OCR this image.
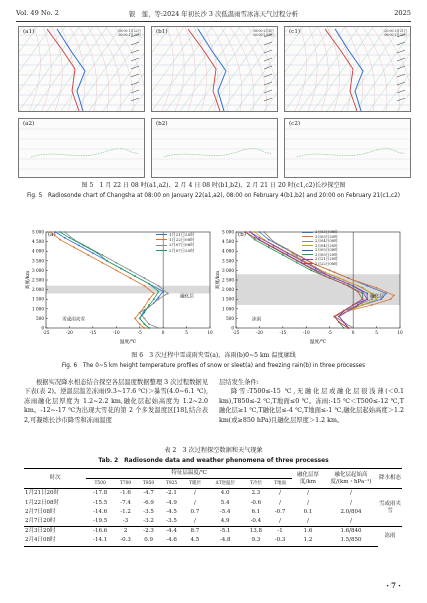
Vol. 49 No. 2	银　莲，等:2024 年初长沙 3 次低温雨雪冰冻天气过程分析	2025
(a1)	08:00 1月22日
20:00 1月22日	(b1)	08:00 2月4日
20:00 2月4日	(c1)	20:00 2月21日
08:00 2月22日
(a2)	(b2)	(c2)
图 5　1 月 22 日 08 时(a1,a2)、2 月 4 日 08 时(b1,b2)、2 月 21 日 20 时(c1,c2)长沙探空图
Fig. 5　Radiosonde chart of Changsha at 08:00 on January 22(a1,a2), 08:00 on February 4(b1,b2) and 20:00 on February 21(c1,c2)
0
500
1 000
1 500
2 000
2 500
3 000
3 500
4 000
4 500
5 000
-25	-20	-15	-10	-5	0	5	10
温度/℃
高度/km
雪或雨夹雪
融化层
(a)	1月21日20时
1月22日08时
2月07日08时
2月07日20时
0
500
1 000
1 500
2 000
2 500
3 000
3 500
4 000
4 500
5 000
-25	-20	-15	-10	-5	0	5	10
温度/℃
高度/km
冻雨
融化层
(b)	2月03日08时
2月03日20时
2月04日08时
2月04日20时
2月05日08时
2月05日20时
2月21日20时
2月22日08时
图 6　3 次过程中雪或雨夹雪(a)、冻雨(b)0~5 km 温度廓线
Fig. 6　The 0~5 km height temperature profiles of snow or sleet(a) and freezing rain(b) in three processes
根据实况降水相态结合探空各层温度数据整理 3 次过程数据见下表(表 2)。逆温层温差冻雨(9.3~17.6 ℃)＞暴雪(4.0~6.1 ℃),冻雨融化层厚度为 1.2~2.2 km,融化层起始高度为 1.2~2.0 km。-12~-17 ℃为出现大雪花的第 2 个多发温度区[18],结合表 2,可凝练长沙市降雪和冻雨温度

层结发生条件:

降雪:T500≤-15 ℃,无融化层或融化层很浅薄(＜0.1 km),T850≤-2 ℃,T地面≤0 ℃。冻雨:-15 ℃＜T500≤-12 ℃,T融化层≥1 ℃,T融化层≤-4 ℃,T地面≤-1 ℃,融化层起始高度＞1.2 km(或≥850 hPa)且融化层厚度＞1.2 km。

表 2　3 次过程探空数据和天气现象
Tab. 2　Radiosonde data and weather phenomena of three processes
时次	特征层温度/℃								融化层厚度/km	融化层起始高度/(km・hPa⁻¹)	降水相态
	T500	T700	T850	T925	T暖层	ΔT逆温层	T冷层	T地面			
1月21日20时	-17.8	-1.6	-4.7	-2.1	/	4.0	2.3	/	/	/	雪或雨夹雪
1月22日08时	-15.5	-7.4	-6.9	-4.9	/	5.4	-0.6	/	/	/	
2月7日08时	-14.6	-1.2	-3.5	-4.5	0.7	-5.4	6.1	-0.7	0.1	2.0/804	
2月7日20时	-19.5	-3	-3.2	-3.5	/	4.9	-0.4	/	/	/	
2月3日20时	-16.6	2	-2.3	-4.4	8.7	-5.1	13.8	-1	1.6	1.6/840	冻雨
2月4日08时	-14.1	-0.3	0.9	-4.6	4.5	-4.8	9.3	-0.3	1.2	1.5/850	
・7・
